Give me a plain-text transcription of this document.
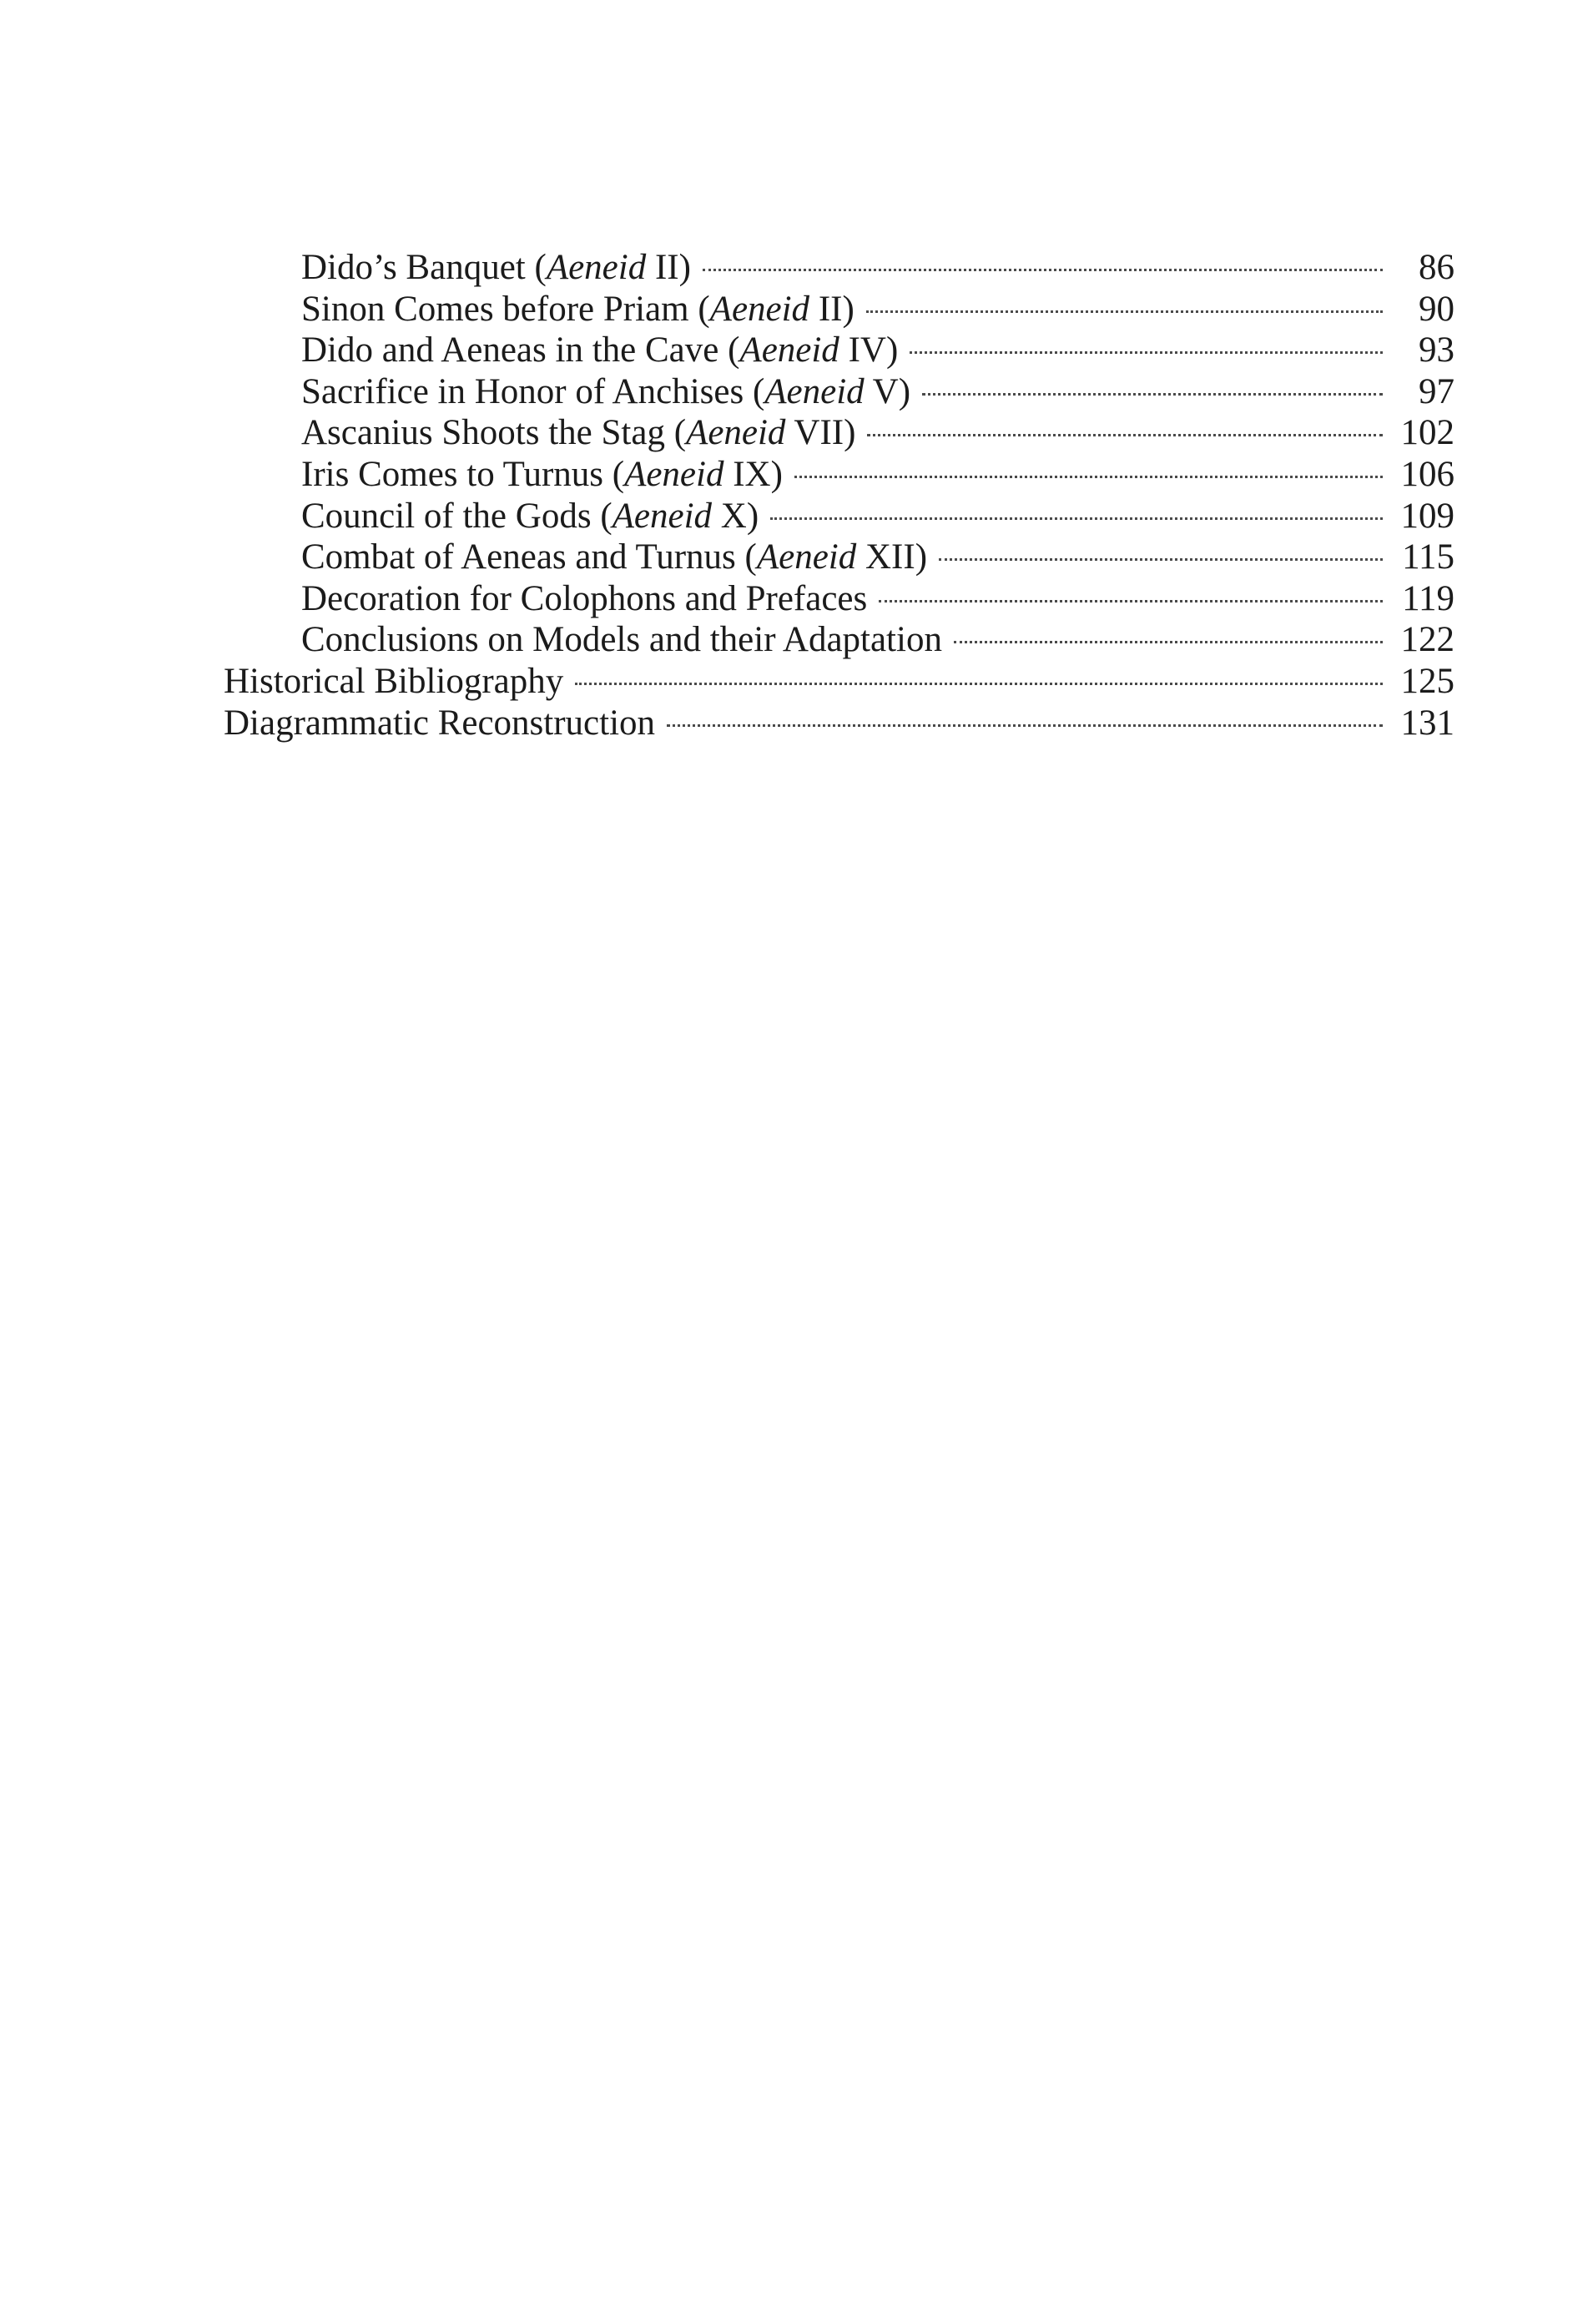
Dido’s Banquet (Aeneid II)	86
Sinon Comes before Priam (Aeneid II)	90
Dido and Aeneas in the Cave (Aeneid IV)	93
Sacrifice in Honor of Anchises (Aeneid V)	97
Ascanius Shoots the Stag (Aeneid VII)	102
Iris Comes to Turnus (Aeneid IX)	106
Council of the Gods (Aeneid X)	109
Combat of Aeneas and Turnus (Aeneid XII)	115
Decoration for Colophons and Prefaces	119
Conclusions on Models and their Adaptation	122
Historical Bibliography	125
Diagrammatic Reconstruction	131
